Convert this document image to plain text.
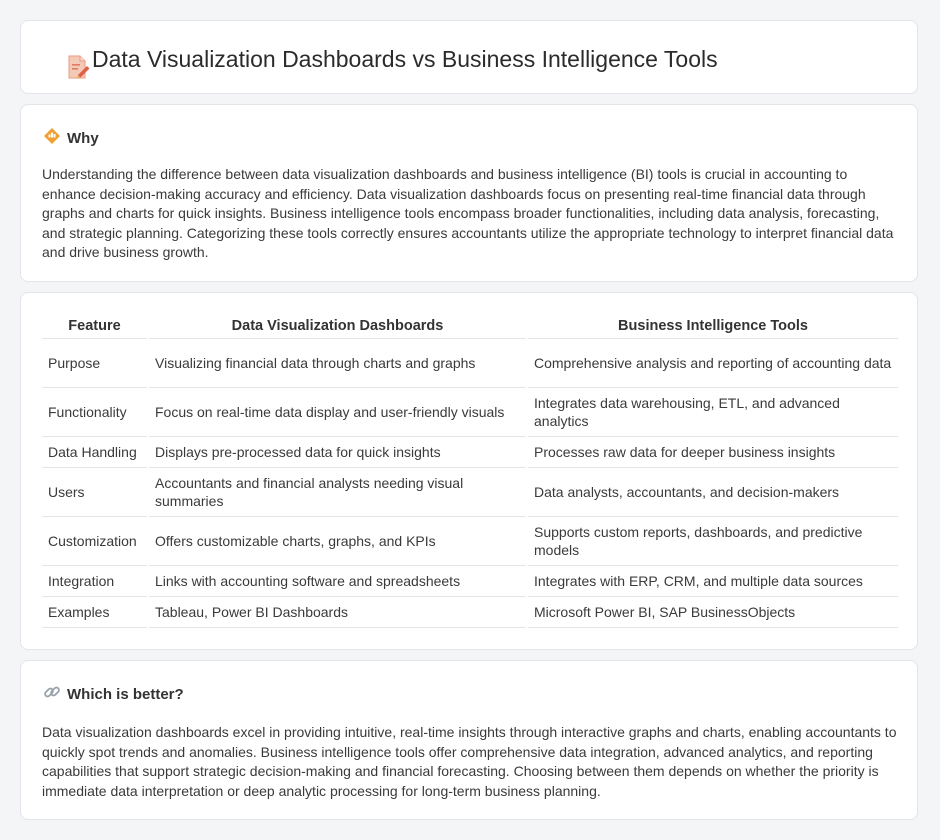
Data Visualization Dashboards vs Business Intelligence Tools
Why

Understanding the difference between data visualization dashboards and business intelligence (BI) tools is crucial in accounting to enhance decision-making accuracy and efficiency. Data visualization dashboards focus on presenting real-time financial data through graphs and charts for quick insights. Business intelligence tools encompass broader functionalities, including data analysis, forecasting, and strategic planning. Categorizing these tools correctly ensures accountants utilize the appropriate technology to interpret financial data and drive business growth.

Feature	Data Visualization Dashboards	Business Intelligence Tools
Purpose	Visualizing financial data through charts and graphs	Comprehensive analysis and reporting of accounting data
Functionality	Focus on real-time data display and user-friendly visuals	Integrates data warehousing, ETL, and advanced analytics
Data Handling	Displays pre-processed data for quick insights	Processes raw data for deeper business insights
Users	Accountants and financial analysts needing visual summaries	Data analysts, accountants, and decision-makers
Customization	Offers customizable charts, graphs, and KPIs	Supports custom reports, dashboards, and predictive models
Integration	Links with accounting software and spreadsheets	Integrates with ERP, CRM, and multiple data sources
Examples	Tableau, Power BI Dashboards	Microsoft Power BI, SAP BusinessObjects
Which is better?

Data visualization dashboards excel in providing intuitive, real-time insights through interactive graphs and charts, enabling accountants to quickly spot trends and anomalies. Business intelligence tools offer comprehensive data integration, advanced analytics, and reporting capabilities that support strategic decision-making and financial forecasting. Choosing between them depends on whether the priority is immediate data interpretation or deep analytic processing for long-term business planning.
